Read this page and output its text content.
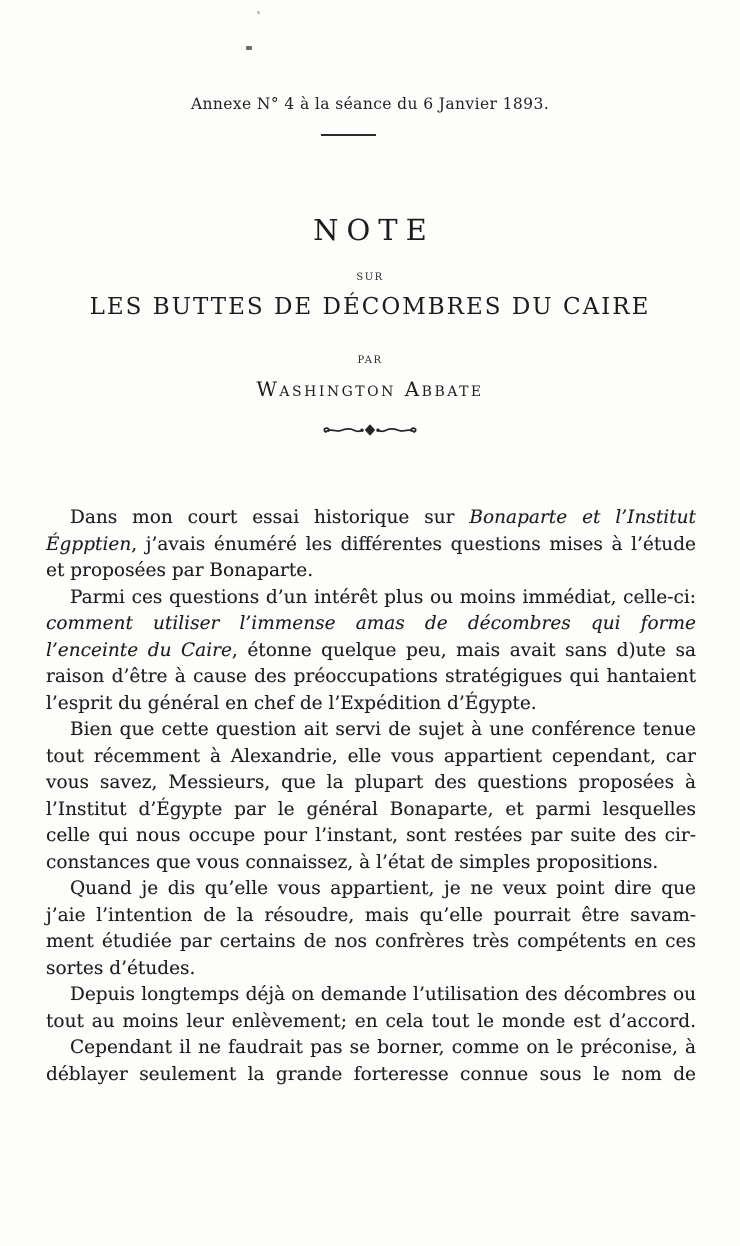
Annexe N° 4 à la séance du 6 Janvier 1893.
NOTE
SUR
LES BUTTES DE DÉCOMBRES DU CAIRE
PAR
Washington Abbate
Dans mon court essai historique sur Bonaparte et l’Institut
Égpptien, j’avais énuméré les différentes questions mises à l’étude
et proposées par Bonaparte.
Parmi ces questions d’un intérêt plus ou moins immédiat, celle-ci:
comment utiliser l’immense amas de décombres qui forme
l’enceinte du Caire, étonne quelque peu, mais avait sans d)ute sa
raison d’être à cause des préoccupations stratégigues qui hantaient
l’esprit du général en chef de l’Expédition d’Égypte.
Bien que cette question ait servi de sujet à une conférence tenue
tout récemment à Alexandrie, elle vous appartient cependant, car
vous savez, Messieurs, que la plupart des questions proposées à
l’Institut d’Égypte par le général Bonaparte, et parmi lesquelles
celle qui nous occupe pour l’instant, sont restées par suite des cir-
constances que vous connaissez, à l’état de simples propositions.
Quand je dis qu’elle vous appartient, je ne veux point dire que
j’aie l’intention de la résoudre, mais qu’elle pourrait être savam-
ment étudiée par certains de nos confrères très compétents en ces
sortes d’études.
Depuis longtemps déjà on demande l’utilisation des décombres ou
tout au moins leur enlèvement; en cela tout le monde est d’accord.
Cependant il ne faudrait pas se borner, comme on le préconise, à
déblayer seulement la grande forteresse connue sous le nom de
